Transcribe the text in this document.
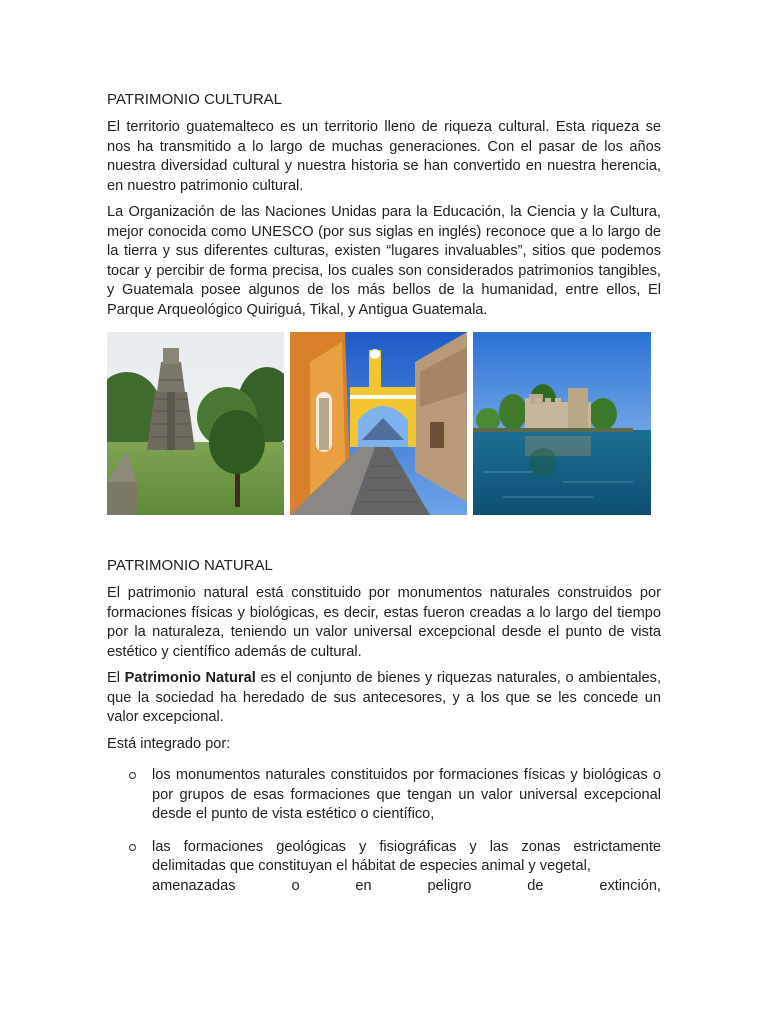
PATRIMONIO CULTURAL

El territorio guatemalteco es un territorio lleno de riqueza cultural. Esta riqueza se nos ha transmitido a lo largo de muchas generaciones. Con el pasar de los años nuestra diversidad cultural y nuestra historia se han convertido en nuestra herencia, en nuestro patrimonio cultural.

La Organización de las Naciones Unidas para la Educación, la Ciencia y la Cultura, mejor conocida como UNESCO (por sus siglas en inglés) reconoce que a lo largo de la tierra y sus diferentes culturas, existen “lugares invaluables”, sitios que podemos tocar y percibir de forma precisa, los cuales son considerados patrimonios tangibles, y Guatemala posee algunos de los más bellos de la humanidad, entre ellos, El Parque Arqueológico Quiriguá, Tikal, y Antigua Guatemala.

PATRIMONIO NATURAL

El patrimonio natural está constituido por monumentos naturales construidos por formaciones físicas y biológicas, es decir, estas fueron creadas a lo largo del tiempo por la naturaleza, teniendo un valor universal excepcional desde el punto de vista estético y científico además de cultural.

El Patrimonio Natural es el conjunto de bienes y riquezas naturales, o ambientales, que la sociedad ha heredado de sus antecesores, y a los que se les concede un valor excepcional.

Está integrado por:

los monumentos naturales constituidos por formaciones físicas y biológicas o por grupos de esas formaciones que tengan un valor universal excepcional desde el punto de vista estético o científico,
las formaciones geológicas y fisiográficas y las zonas estrictamente delimitadas que constituyan el hábitat de especies animal y vegetal,
amenazadas o en peligro de extinción,
